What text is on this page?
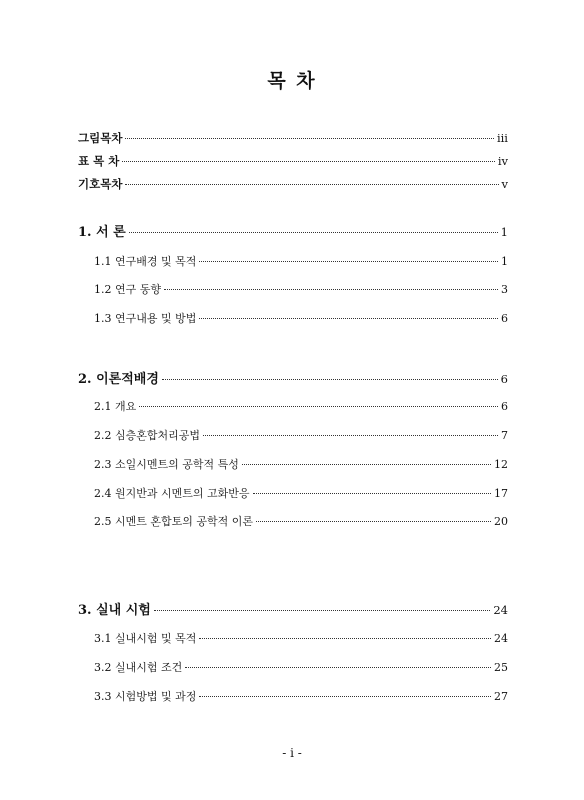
목 차
그림목차	iii
표 목 차	iv
기호목차	v
1. 서 론	1
1.1 연구배경 및 목적	1
1.2 연구 동향	3
1.3 연구내용 및 방법	6
2. 이론적배경	6
2.1 개요	6
2.2 심층혼합처리공법	7
2.3 소일시멘트의 공학적 특성	12
2.4 원지반과 시멘트의 고화반응	17
2.5 시멘트 혼합토의 공학적 이론	20
3. 실내 시험	24
3.1 실내시험 및 목적	24
3.2 실내시험 조건	25
3.3 시험방법 및 과정	27
- i -
